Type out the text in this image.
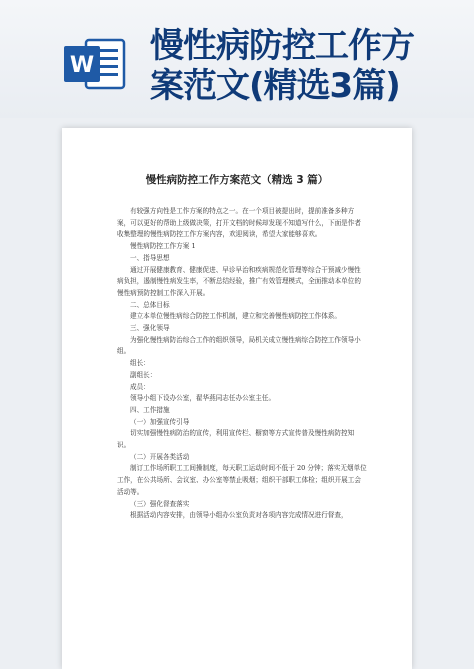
W 慢性病防控工作方
案范文(精选3篇)
慢性病防控工作方案范文（精选 3 篇）

有较强方向性是工作方案的特点之一。在一个项目被提出时，提前准备多种方案，可以更好的帮助上级做决策，打开文档的时候却发现不知道写什么，下面是作者收集整理的慢性病防控工作方案内容，欢迎阅读，希望大家能够喜欢。

慢性病防控工作方案 1

一、指导思想

通过开展健康教育、健康促进、早诊早治和疾病规范化管理等综合干预减少慢性病负担，遏制慢性病发生率，不断总结经验，推广有效管理模式，全面推动本单位的慢性病预防控制工作深入开展。

二、总体目标

建立本单位慢性病综合防控工作机制，建立和完善慢性病防控工作体系。

三、强化领导

为强化慢性病防治综合工作的组织领导，局机关成立慢性病综合防控工作领导小组。

组长：

副组长：

成员：

领导小组下设办公室，翟华燕同志任办公室主任。

四、工作措施

（一）加强宣传引导

切实加强慢性病防治的宣传，利用宣传栏、橱窗等方式宣传普及慢性病防控知识。

（二）开展各类活动

制订工作场所职工工间操制度，每天职工运动时间不低于 20 分钟；落实无烟单位工作，在公共场所、会议室、办公室等禁止吸烟；组织干部职工体检；组织开展工会活动等。

（三）强化督查落实

根据活动内容安排，由领导小组办公室负责对各项内容完成情况进行督查，
